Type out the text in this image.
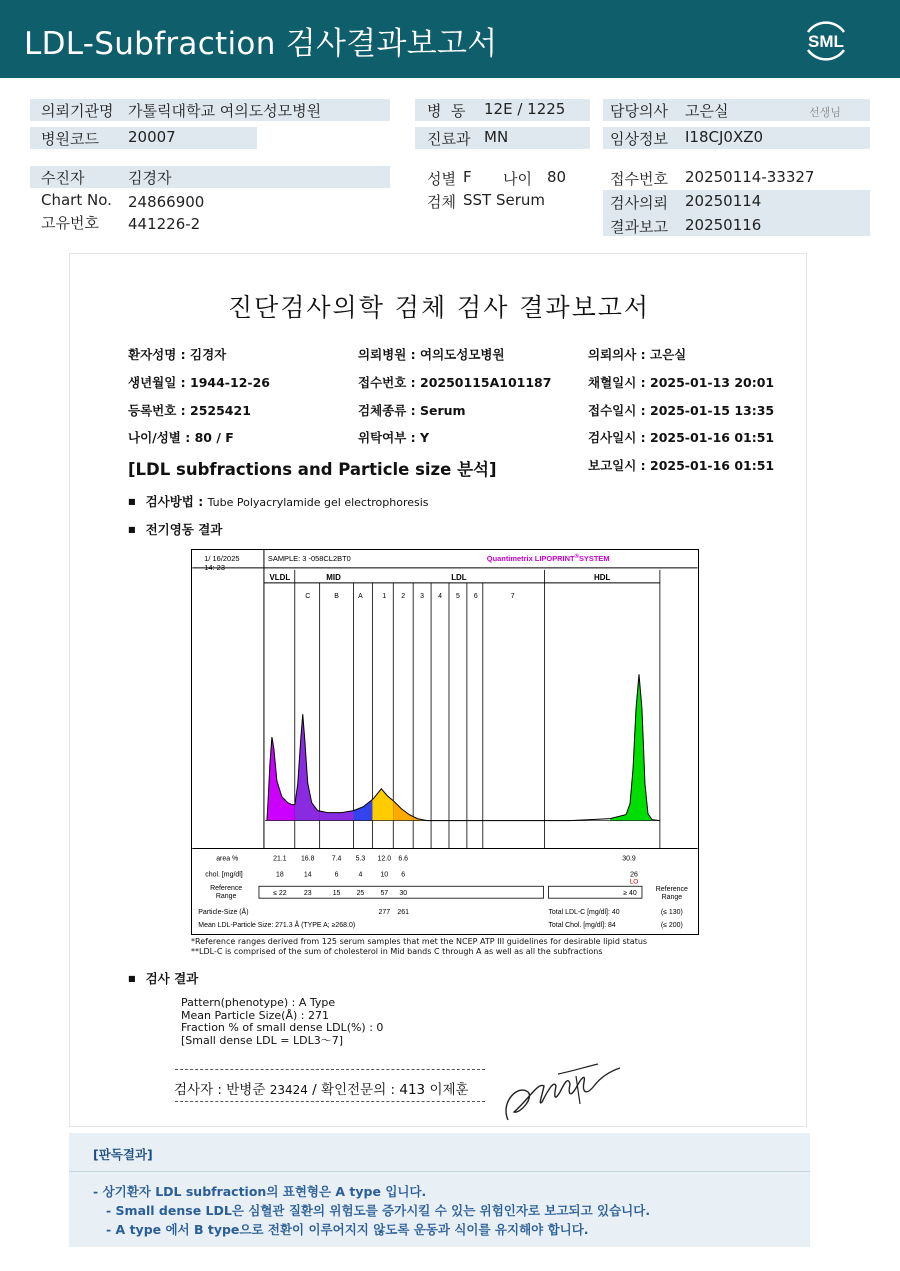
LDL-Subfraction 검사결과보고서	SML
의뢰기관명 가톨릭대학교 여의도성모병원
병원코드 20007
병  동 12E / 1225
진료과 MN
담당의사 고은실	선생님
임상정보 I18CJ0XZ0
수진자	김경자
Chart No. 24866900
고유번호 441226-2
성별 F 나이 80
검체 SST Serum
접수번호 20250114-33327
검사의뢰 20250114
결과보고 20250116
진단검사의학 검체 검사 결과보고서
환자성명 : 김경자
생년월일 : 1944-12-26
등록번호 : 2525421
나이/성별 : 80 / F
의뢰병원 : 여의도성모병원
접수번호 : 20250115A101187
검체종류 : Serum
위탁여부 : Y
의뢰의사 : 고은실
채혈일시 : 2025-01-13 20:01
접수일시 : 2025-01-15 13:35
검사일시 : 2025-01-16 01:51
보고일시 : 2025-01-16 01:51
[LDL subfractions and Particle size 분석]
■ 검사방법 : Tube Polyacrylamide gel electrophoresis
■ 전기영동 결과
1/ 16/2025
14: 23
SAMPLE: 3 -058CL2BT0	Quantimetrix LIPOPRINT®SYSTEM
VLDL	MID	LDL	HDL
C	B	A	1 2 3 4 5 6	7
area %	21.1 16.8 7.4 5.3 12.0 6.6	30.9
chol. [mg/dl]	18	14	6	4	10 6	26
LO
Reference
Range	≤ 22 23	15 25 57 30	≥ 40
Reference
Range
Particle-Size (Å)	277 261
Mean LDL-Particle Size: 271.3 Å (TYPE A; ≥268.0)
Total LDL-C [mg/dl]: 40	(≤ 130)
Total Chol. [mg/dl]: 84	(≤ 200)
*Reference ranges derived from 125 serum samples that met the NCEP ATP III guidelines for desirable lipid status
**LDL-C is comprised of the sum of cholesterol in Mid bands C through A as well as all the subfractions
■ 검사 결과
Pattern(phenotype) : A Type
Mean Particle Size(Å) : 271
Fraction % of small dense LDL(%) : 0
[Small dense LDL = LDL3～7]
검사자 : 반병준 23424 / 확인전문의 : 413 이제훈
[판독결과]
- 상기환자 LDL subfraction의 표현형은 A type 입니다.
- Small dense LDL은 심혈관 질환의 위험도를 증가시킬 수 있는 위험인자로 보고되고 있습니다.
- A type 에서 B type으로 전환이 이루어지지 않도록 운동과 식이를 유지해야 합니다.
